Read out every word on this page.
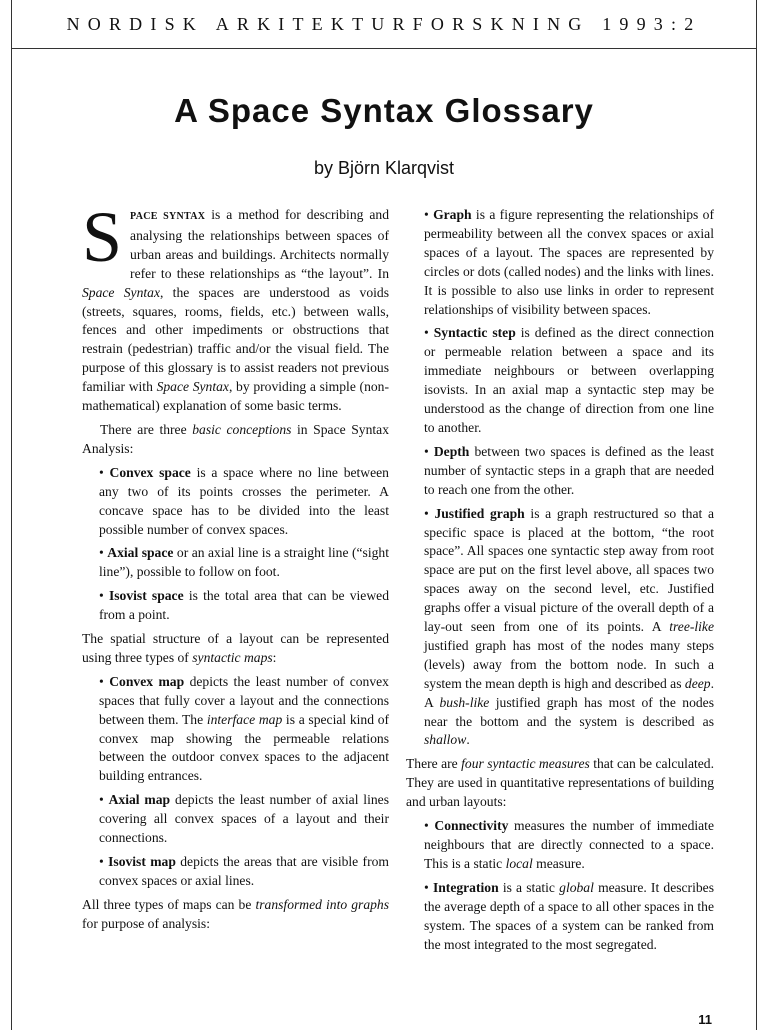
NORDISK ARKITEKTURFORSKNING 1993:2
A Space Syntax Glossary
by Björn Klarqvist

SPACE SYNTAX is a method for describing and analysing the relationships between spaces of urban areas and buildings. Architects normally refer to these relationships as “the layout”. In Space Syntax, the spaces are understood as voids (streets, squares, rooms, fields, etc.) between walls, fences and other impediments or obstructions that restrain (pedestrian) traffic and/or the visual field. The purpose of this glossary is to assist readers not previous familiar with Space Syntax, by providing a simple (non-mathematical) explanation of some basic terms.

There are three basic conceptions in Space Syntax Analysis:

• Convex space is a space where no line between any two of its points crosses the perimeter. A concave space has to be divided into the least possible number of convex spaces.

• Axial space or an axial line is a straight line (“sight line”), possible to follow on foot.

• Isovist space is the total area that can be viewed from a point.

The spatial structure of a layout can be represented using three types of syntactic maps:

• Convex map depicts the least number of convex spaces that fully cover a layout and the connections between them. The interface map is a special kind of convex map showing the permeable relations between the outdoor convex spaces to the adjacent building entrances.

• Axial map depicts the least number of axial lines covering all convex spaces of a layout and their connections.

• Isovist map depicts the areas that are visible from convex spaces or axial lines.

All three types of maps can be transformed into graphs for purpose of analysis:

• Graph is a figure representing the relationships of permeability between all the convex spaces or axial spaces of a layout. The spaces are represented by circles or dots (called nodes) and the links with lines. It is possible to also use links in order to represent relationships of visibility between spaces.

• Syntactic step is defined as the direct connection or permeable relation between a space and its immediate neighbours or between overlapping isovists. In an axial map a syntactic step may be understood as the change of direction from one line to another.

• Depth between two spaces is defined as the least number of syntactic steps in a graph that are needed to reach one from the other.

• Justified graph is a graph restructured so that a specific space is placed at the bottom, “the root space”. All spaces one syntactic step away from root space are put on the first level above, all spaces two spaces away on the second level, etc. Justified graphs offer a visual picture of the overall depth of a lay-out seen from one of its points. A tree-like justified graph has most of the nodes many steps (levels) away from the bottom node. In such a system the mean depth is high and described as deep. A bush-like justified graph has most of the nodes near the bottom and the system is described as shallow.

There are four syntactic measures that can be calculated. They are used in quantitative representations of building and urban layouts:

• Connectivity measures the number of immediate neighbours that are directly connected to a space. This is a static local measure.

• Integration is a static global measure. It describes the average depth of a space to all other spaces in the system. The spaces of a system can be ranked from the most integrated to the most segregated.

11
